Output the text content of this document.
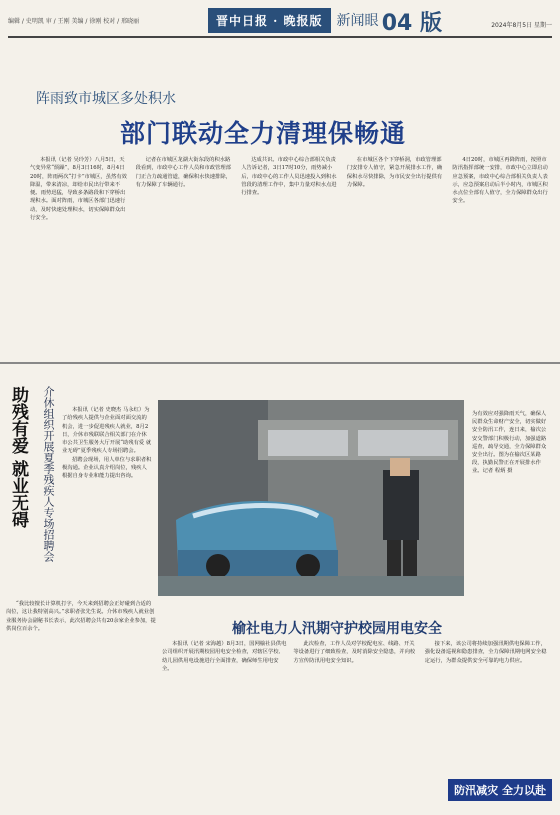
编辑 / 史明凯 审 / 王刚 美编 / 徐刚 校对 / 邢晓丽	晋中日报 · 晚报版	新闻眼 04 版	2024年8月5日 星期一
阵雨致市城区多处积水
部门联动全力清理保畅通

本报讯（记者 吴玲芳）八月5日，天气变异常“烦躁”，8月3日16时，8月4日20时，阵雨两次“打卡”市城区，虽然有效降温，带来清凉，却给市民出行带来不便。雨势迅猛，导致多条路段和下穿桥出现积水。面对阵雨，市城区各部门迅速行动，及时快速处理积水，切实保障群众出行安全。

记者在市城区龙湖大街东段的积水路段看到，市政中心工作人员和市政管理部门正合力疏通管道，确保积水快速排除，有力保障了车辆通行。

达成共识。市政中心综合部相关负责人告诉记者，3日17时10分，雨势减小后，市政中心的工作人员迅速投入到积水管段的清理工作中，集中力量对积水点进行排查。

在市城区各个下穿桥洞，市政管理部门安排专人值守，紧急开展排水工作，确保积水尽快排除，为市民安全出行提供有力保障。

4日20时，市城区再降阵雨，按照市防汛指挥部统一安排，市政中心立即启动应急预案，市政中心综合部相关负责人表示，应急预案启动后半小时内，市城区积水点位全部有人值守，全力保障群众出行安全。

助残有爱 就业无碍 介休组织开展夏季残疾人专场招聘会	本报讯（记者 史晓杰 马永红）为了给残疾人提供与企业面对面交流的机会，进一步促进残疾人就业，8月2日，介休市残联联合相关部门在介休市公共卫生服务大厅开展“助残有爱 就业无碍”夏季残疾人专场招聘会。

招聘会现场，用人单位与求职者积极沟通。企业认真介绍岗位，残疾人根据自身专业和能力提出咨询。

为有效应对强降雨天气，确保人民群众生命财产安全，切实做好安全防汛工作，连日来，榆次公安交警部门积极行动，加强道路巡查，疏导交通，全力保障群众安全出行。图为在榆次区某路段，执勤民警正在开展排水作业。记者 程炳 摄

“我比较擅长计算机打字，今天来到招聘会正好碰到合适的岗位，这让我特别高兴。”求职者张先生说。介休市残疾人就业创业服务协会副秘书长表示，此次招聘会共有20余家企业参加，提供岗位百余个。	榆社电力人汛期守护校园用电安全

本报讯（记者 宋海越）8月3日，国网榆社县供电公司组织开展汛期校园用电安全检查，对辖区学校、幼儿园供用电设施进行全面排查，确保师生用电安全。

此次检查，工作人员对学校配电室、线路、开关等设备进行了细致检查，及时消除安全隐患，并向校方宣传防汛用电安全知识。

接下来，该公司将持续加强汛期供电保障工作，强化设备巡视和隐患排查，全力保障汛期电网安全稳定运行，为群众提供安全可靠的电力供应。

防汛减灾 全力以赴
